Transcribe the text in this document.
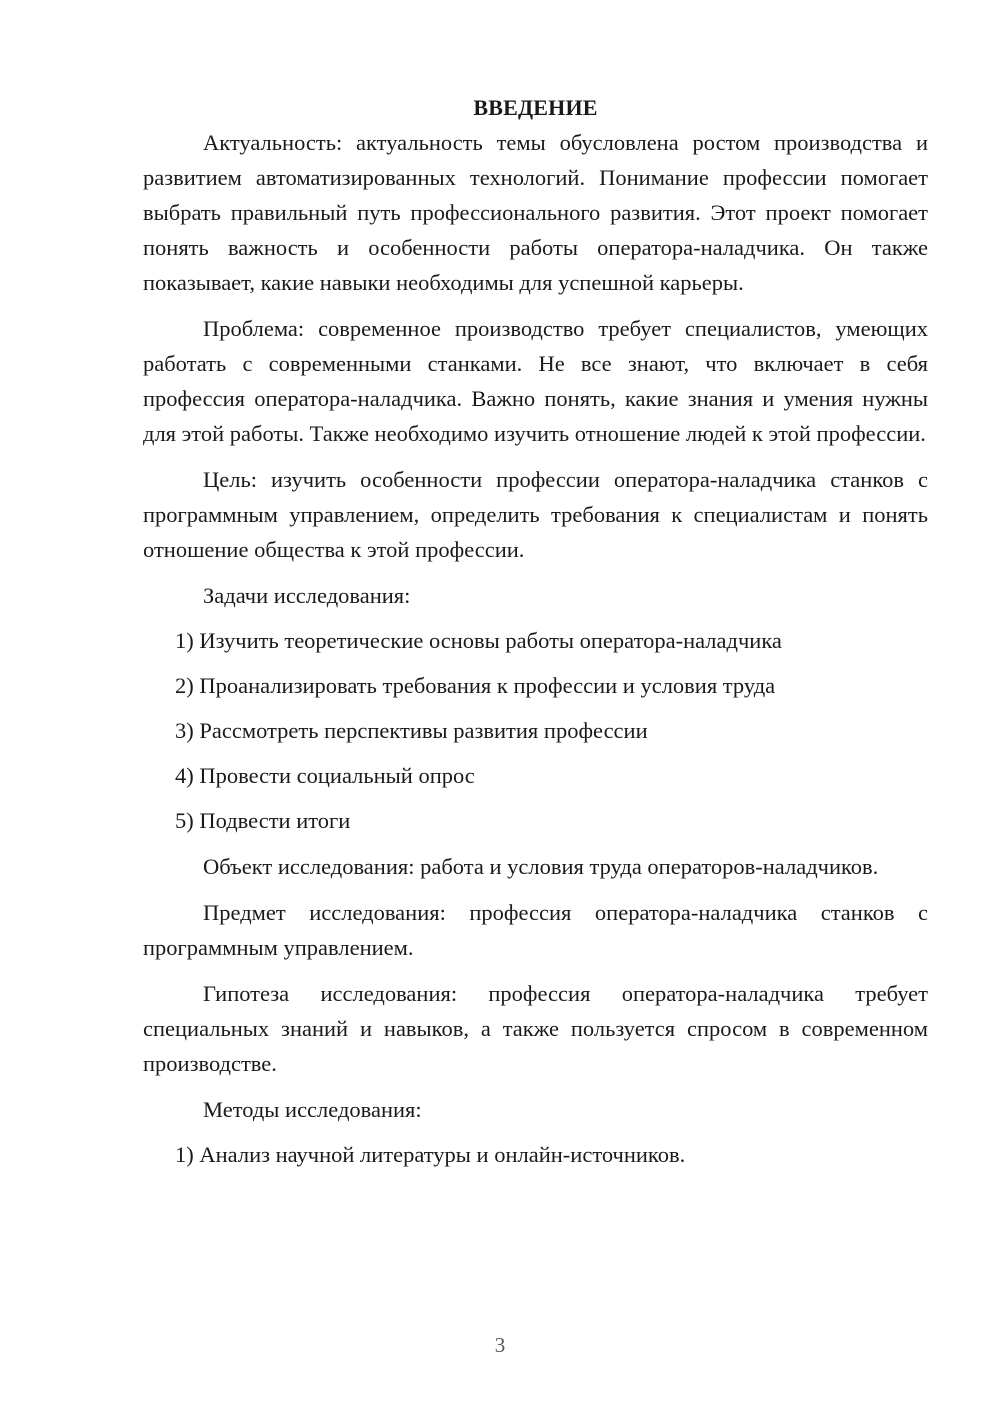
ВВЕДЕНИЕ

Актуальность: актуальность темы обусловлена ростом производства и развитием автоматизированных технологий. Понимание профессии помогает выбрать правильный путь профессионального развития. Этот проект помогает понять важность и особенности работы оператора-наладчика. Он также показывает, какие навыки необходимы для успешной карьеры.

Проблема: современное производство требует специалистов, умеющих работать с современными станками. Не все знают, что включает в себя профессия оператора-наладчика. Важно понять, какие знания и умения нужны для этой работы. Также необходимо изучить отношение людей к этой профессии.

Цель: изучить особенности профессии оператора-наладчика станков с программным управлением, определить требования к специалистам и понять отношение общества к этой профессии.

Задачи исследования:

1) Изучить теоретические основы работы оператора-наладчика
2) Проанализировать требования к профессии и условия труда
3) Рассмотреть перспективы развития профессии
4) Провести социальный опрос
5) Подвести итоги

Объект исследования: работа и условия труда операторов-наладчиков.

Предмет исследования: профессия оператора-наладчика станков с программным управлением.

Гипотеза исследования: профессия оператора-наладчика требует специальных знаний и навыков, а также пользуется спросом в современном производстве.

Методы исследования:

1) Анализ научной литературы и онлайн-источников.
3
